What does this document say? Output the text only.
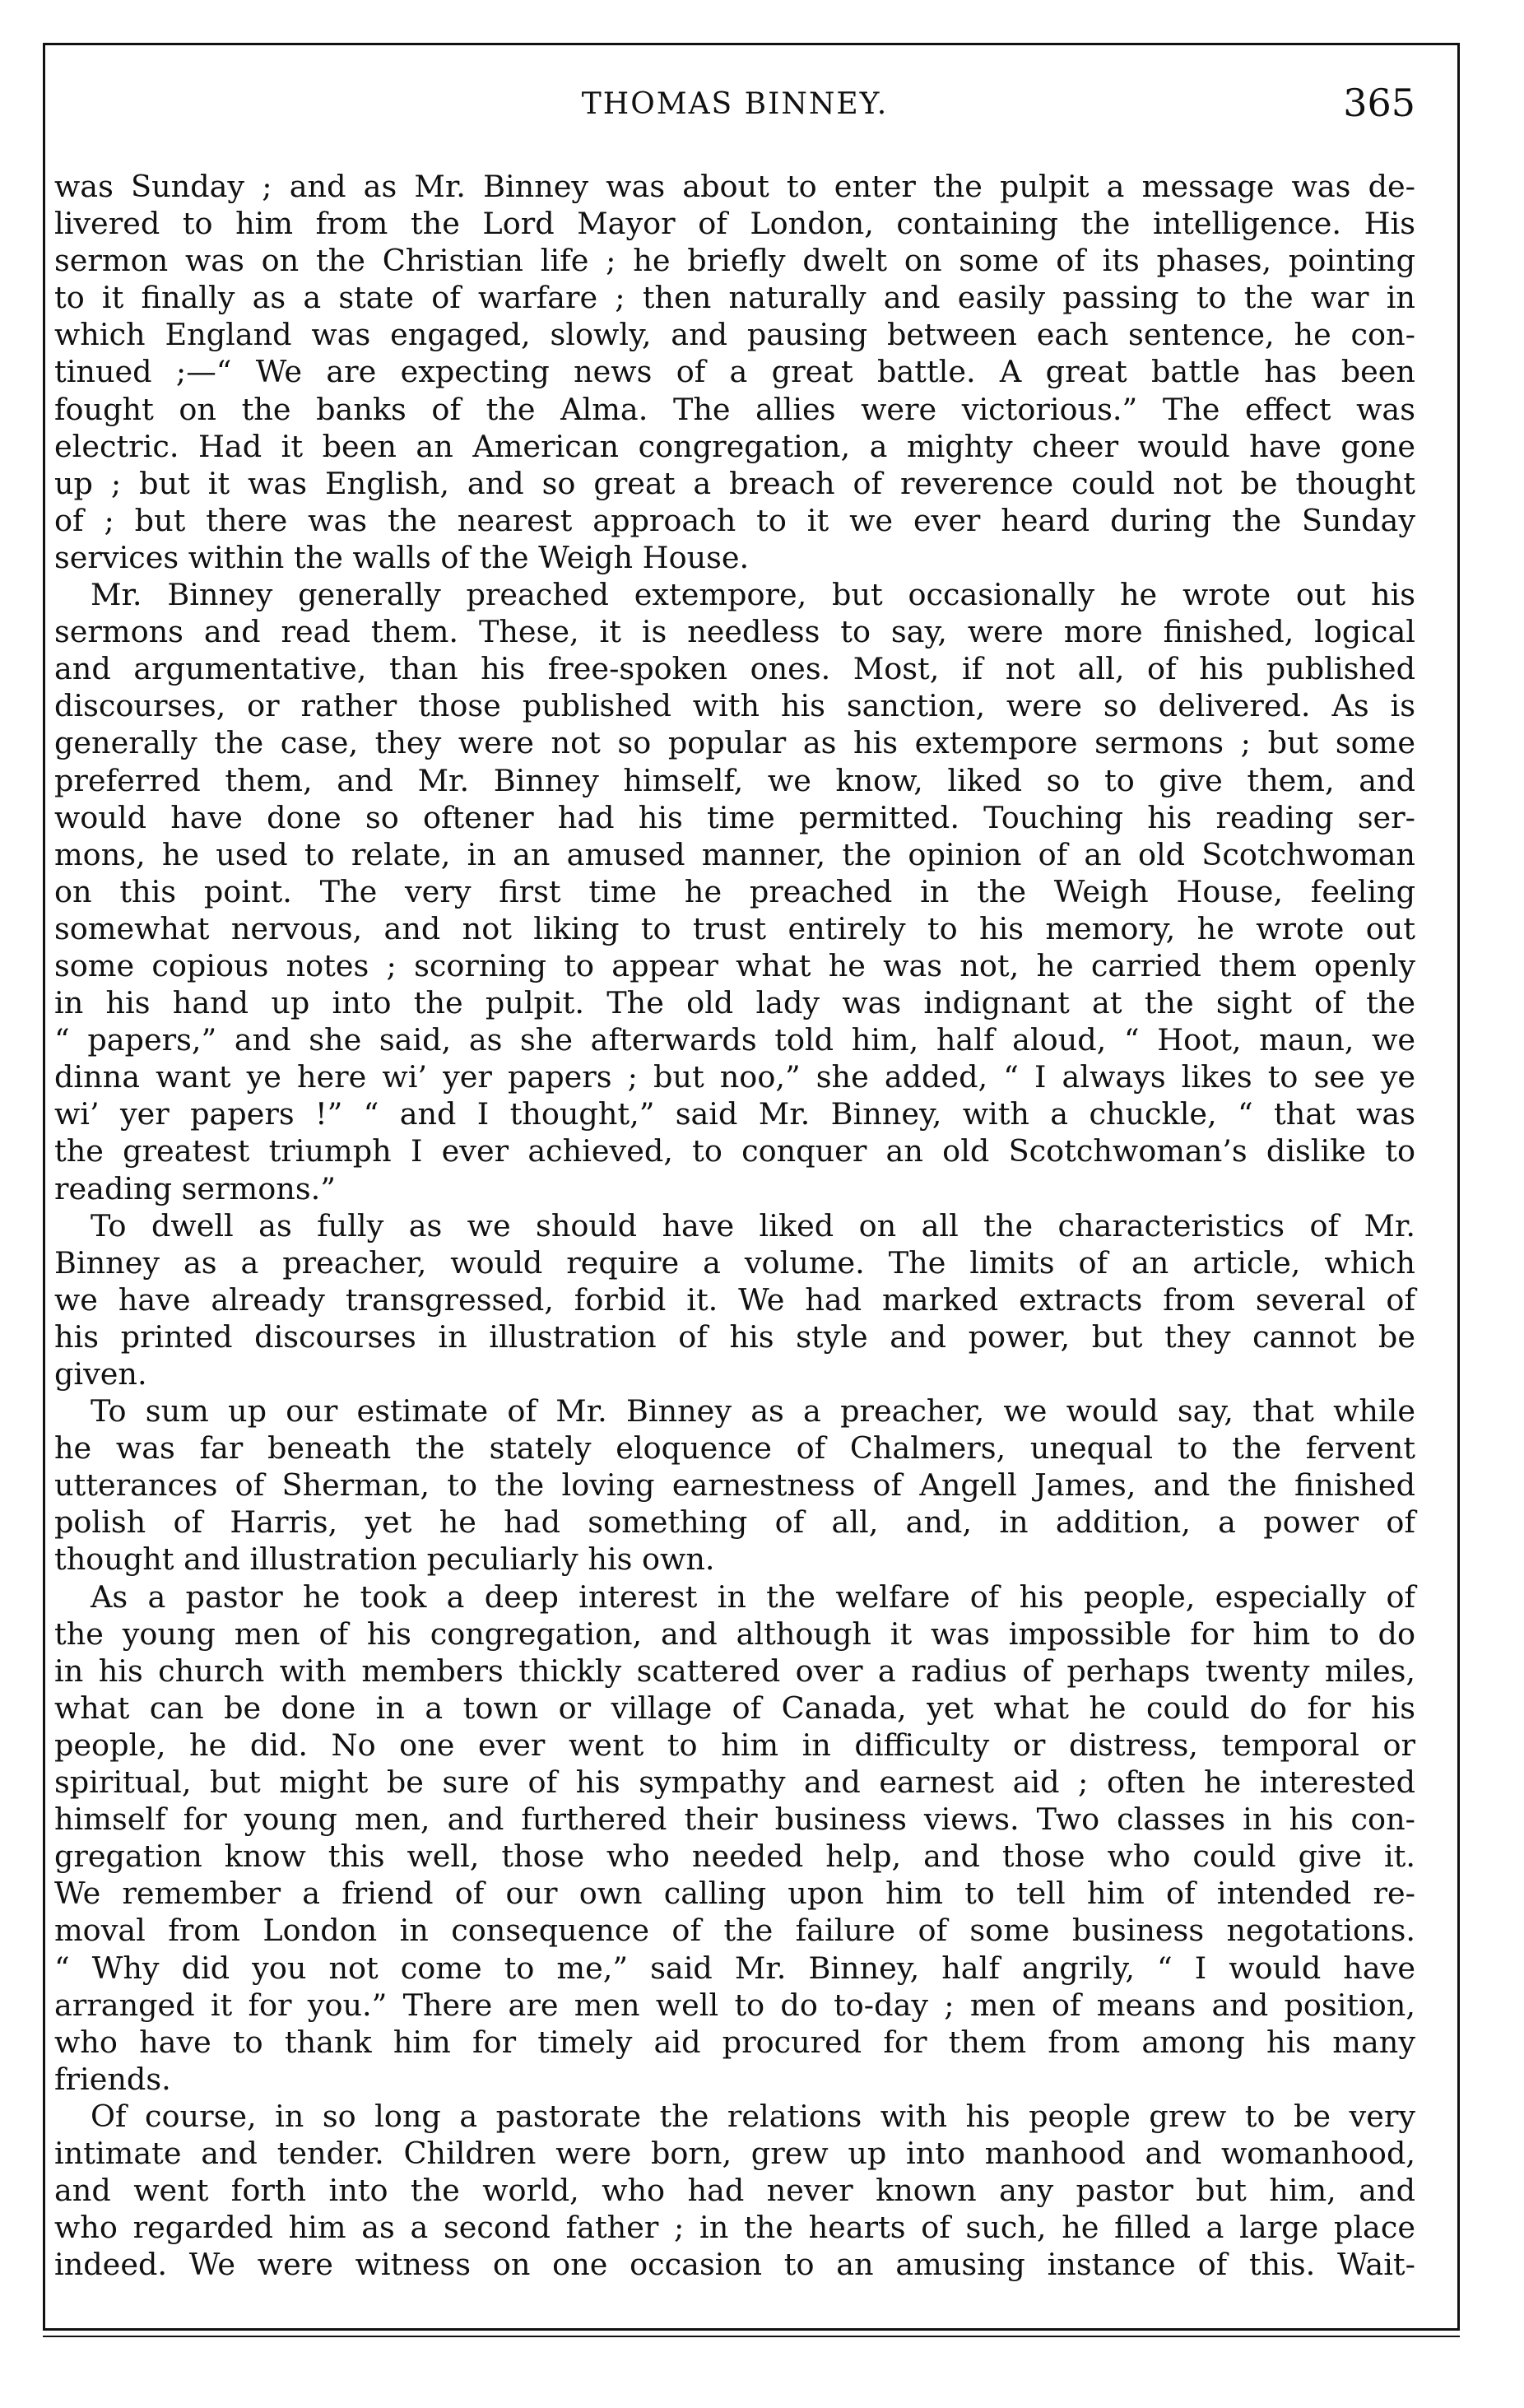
THOMAS BINNEY.	365

was Sunday ; and as Mr. Binney was about to enter the pulpit a message was de-

livered to him from the Lord Mayor of London, containing the intelligence. His

sermon was on the Christian life ; he briefly dwelt on some of its phases, pointing

to it finally as a state of warfare ; then naturally and easily passing to the war in

which England was engaged, slowly, and pausing between each sentence, he con-

tinued ;—“ We are expecting news of a great battle. A great battle has been

fought on the banks of the Alma. The allies were victorious.” The effect was

electric. Had it been an American congregation, a mighty cheer would have gone

up ; but it was English, and so great a breach of reverence could not be thought

of ; but there was the nearest approach to it we ever heard during the Sunday

services within the walls of the Weigh House.

Mr. Binney generally preached extempore, but occasionally he wrote out his

sermons and read them. These, it is needless to say, were more finished, logical

and argumentative, than his free-spoken ones. Most, if not all, of his published

discourses, or rather those published with his sanction, were so delivered. As is

generally the case, they were not so popular as his extempore sermons ; but some

preferred them, and Mr. Binney himself, we know, liked so to give them, and

would have done so oftener had his time permitted. Touching his reading ser-

mons, he used to relate, in an amused manner, the opinion of an old Scotchwoman

on this point. The very first time he preached in the Weigh House, feeling

somewhat nervous, and not liking to trust entirely to his memory, he wrote out

some copious notes ; scorning to appear what he was not, he carried them openly

in his hand up into the pulpit. The old lady was indignant at the sight of the

“ papers,” and she said, as she afterwards told him, half aloud, “ Hoot, maun, we

dinna want ye here wi’ yer papers ; but noo,” she added, “ I always likes to see ye

wi’ yer papers !” “ and I thought,” said Mr. Binney, with a chuckle, “ that was

the greatest triumph I ever achieved, to conquer an old Scotchwoman’s dislike to

reading sermons.”

To dwell as fully as we should have liked on all the characteristics of Mr.

Binney as a preacher, would require a volume. The limits of an article, which

we have already transgressed, forbid it. We had marked extracts from several of

his printed discourses in illustration of his style and power, but they cannot be

given.

To sum up our estimate of Mr. Binney as a preacher, we would say, that while

he was far beneath the stately eloquence of Chalmers, unequal to the fervent

utterances of Sherman, to the loving earnestness of Angell James, and the finished

polish of Harris, yet he had something of all, and, in addition, a power of

thought and illustration peculiarly his own.

As a pastor he took a deep interest in the welfare of his people, especially of

the young men of his congregation, and although it was impossible for him to do

in his church with members thickly scattered over a radius of perhaps twenty miles,

what can be done in a town or village of Canada, yet what he could do for his

people, he did. No one ever went to him in difficulty or distress, temporal or

spiritual, but might be sure of his sympathy and earnest aid ; often he interested

himself for young men, and furthered their business views. Two classes in his con-

gregation know this well, those who needed help, and those who could give it.

We remember a friend of our own calling upon him to tell him of intended re-

moval from London in consequence of the failure of some business negotations.

“ Why did you not come to me,” said Mr. Binney, half angrily, “ I would have

arranged it for you.” There are men well to do to-day ; men of means and position,

who have to thank him for timely aid procured for them from among his many

friends.

Of course, in so long a pastorate the relations with his people grew to be very

intimate and tender. Children were born, grew up into manhood and womanhood,

and went forth into the world, who had never known any pastor but him, and

who regarded him as a second father ; in the hearts of such, he filled a large place

indeed. We were witness on one occasion to an amusing instance of this. Wait-
